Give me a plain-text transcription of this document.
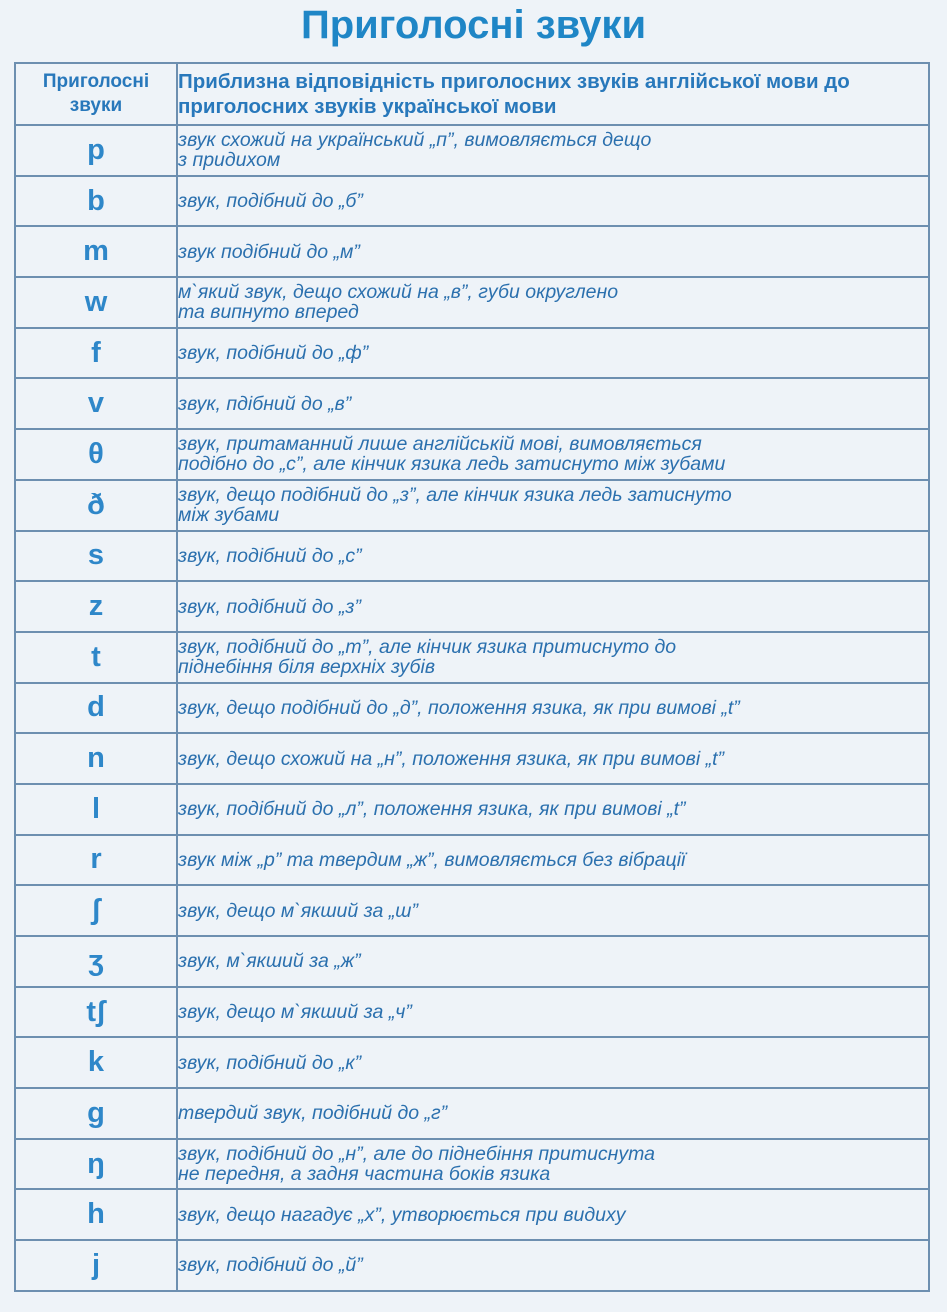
Приголосні звуки
Приголосні звуки	Приблизна відповідність приголосних звуків англійської мови до приголосних звуків української мови
p	звук схожий на український „п”, вимовляється дещо
з придихом
b	звук, подібний до „б”
m	звук подібний до „м”
w	м`який звук, дещо схожий на „в”, губи округлено
та випнуто вперед
f	звук, подібний до „ф”
v	звук, пдібний до „в”
θ	звук, притаманний лише англійській мові, вимовляється
подібно до „с”, але кінчик язика ледь затиснуто між зубами
ð	звук, дещо подібний до „з”, але кінчик язика ледь затиснуто
між зубами
s	звук, подібний до „с”
z	звук, подібний до „з”
t	звук, подібний до „т”, але кінчик язика притиснуто до
піднебіння біля верхніх зубів
d	звук, дещо подібний до „д”, положення язика, як при вимові „t”
n	звук, дещо схожий на „н”, положення язика, як при вимові „t”
l	звук, подібний до „л”, положення язика, як при вимові „t”
r	звук між „р” та твердим „ж”, вимовляється без вібрації
ʃ	звук, дещо м`якший за „ш”
ʒ	звук, м`якший за „ж”
tʃ	звук, дещо м`якший за „ч”
k	звук, подібний до „к”
g	твердий звук, подібний до „г”
ŋ	звук, подібний до „н”, але до піднебіння притиснута
не передня, а задня частина боків язика
h	звук, дещо нагадує „х”, утворюється при видиху
j	звук, подібний до „й”
